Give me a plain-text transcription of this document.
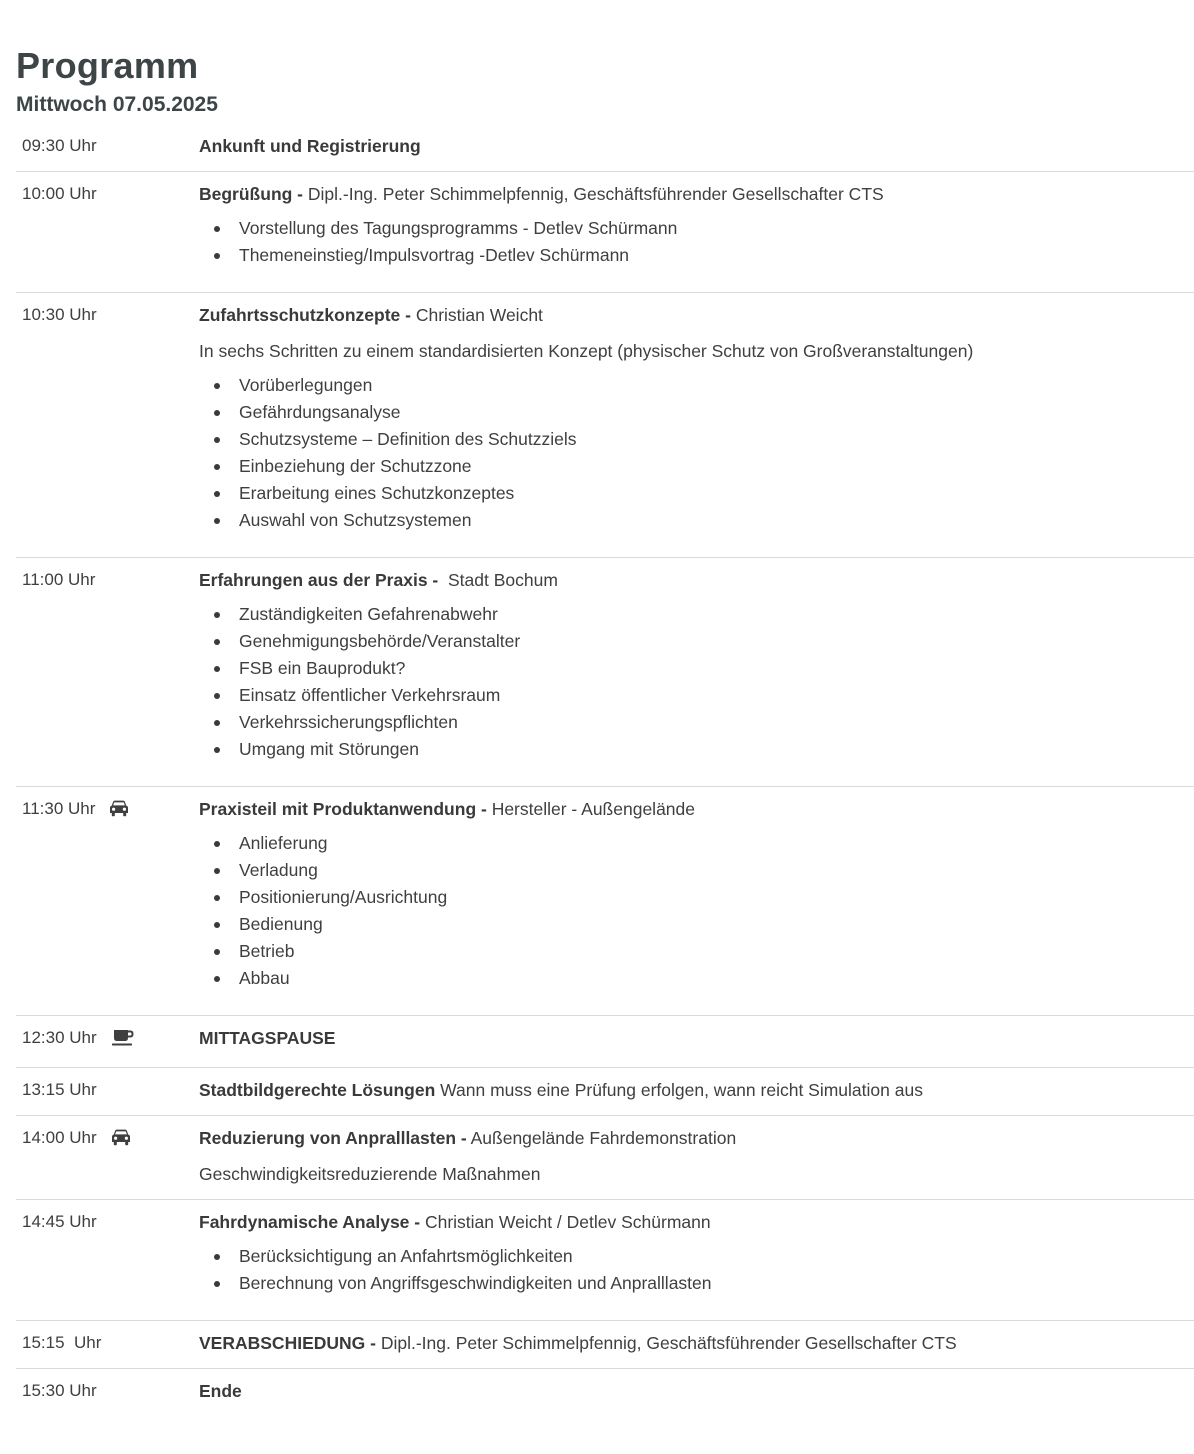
Programm
Mittwoch 07.05.2025
09:30 Uhr	Ankunft und Registrierung
10:00 Uhr	Begrüßung - Dipl.-Ing. Peter Schimmelpfennig, Geschäftsführender Gesellschafter CTS
Vorstellung des Tagungsprogramms - Detlev Schürmann
Themeneinstieg/Impulsvortrag -Detlev Schürmann
10:30 Uhr	Zufahrtsschutzkonzepte - Christian Weicht
In sechs Schritten zu einem standardisierten Konzept (physischer Schutz von Großveranstaltungen)
Vorüberlegungen
Gefährdungsanalyse
Schutzsysteme – Definition des Schutzziels
Einbeziehung der Schutzzone
Erarbeitung eines Schutzkonzeptes
Auswahl von Schutzsystemen
11:00 Uhr	Erfahrungen aus der Praxis -  Stadt Bochum
Zuständigkeiten Gefahrenabwehr
Genehmigungsbehörde/Veranstalter
FSB ein Bauprodukt?
Einsatz öffentlicher Verkehrsraum
Verkehrssicherungspflichten
Umgang mit Störungen
11:30 Uhr	Praxisteil mit Produktanwendung - Hersteller - Außengelände
Anlieferung
Verladung
Positionierung/Ausrichtung
Bedienung
Betrieb
Abbau
12:30 Uhr	MITTAGSPAUSE
13:15 Uhr	Stadtbildgerechte Lösungen Wann muss eine Prüfung erfolgen, wann reicht Simulation aus
14:00 Uhr	Reduzierung von Anpralllasten - Außengelände Fahrdemonstration
Geschwindigkeitsreduzierende Maßnahmen
14:45 Uhr	Fahrdynamische Analyse - Christian Weicht / Detlev Schürmann
Berücksichtigung an Anfahrtsmöglichkeiten
Berechnung von Angriffsgeschwindigkeiten und Anpralllasten
15:15  Uhr	VERABSCHIEDUNG - Dipl.-Ing. Peter Schimmelpfennig, Geschäftsführender Gesellschafter CTS
15:30 Uhr	Ende
